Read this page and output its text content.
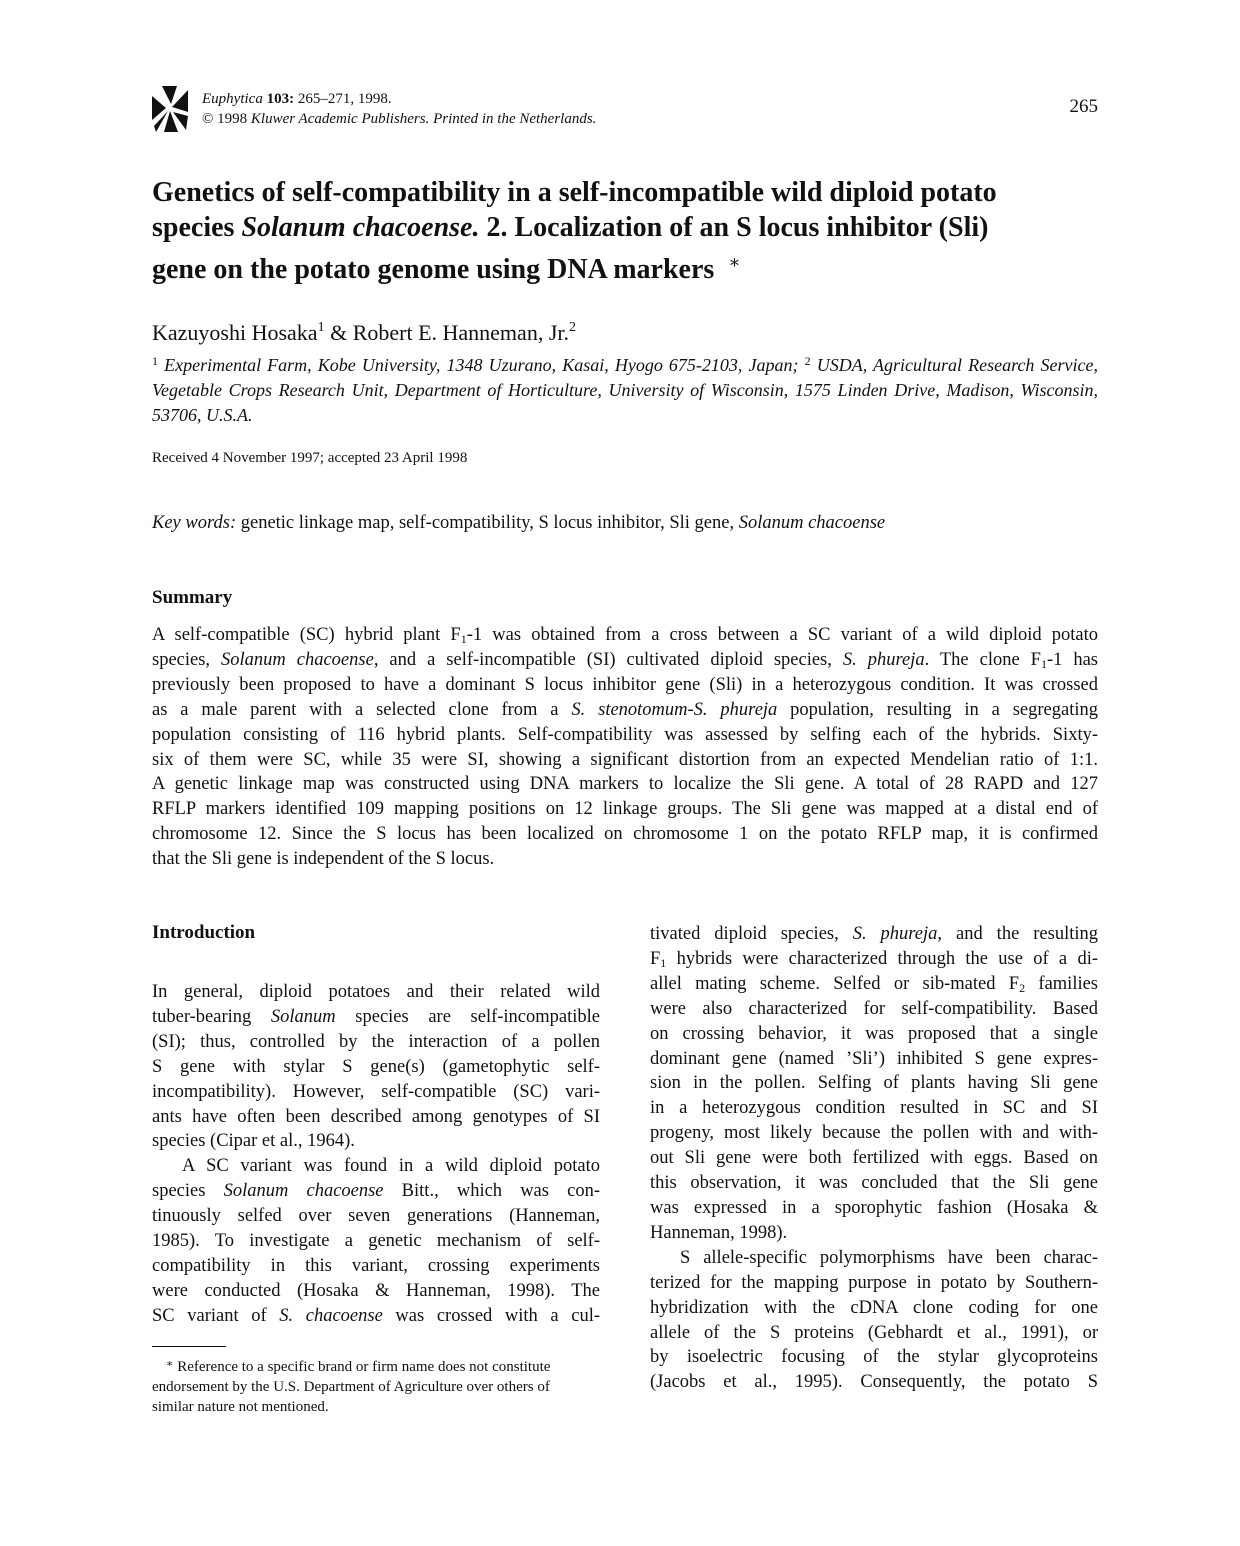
Euphytica 103: 265–271, 1998.
© 1998 Kluwer Academic Publishers. Printed in the Netherlands.
265
Genetics of self-compatibility in a self-incompatible wild diploid potato
species Solanum chacoense. 2. Localization of an S locus inhibitor (Sli)
gene on the potato genome using DNA markers ∗
Kazuyoshi Hosaka$^1$ & Robert E. Hanneman, Jr.$^2$
$^1$ Experimental Farm, Kobe University, 1348 Uzurano, Kasai, Hyogo 675-2103, Japan; $^2$ USDA, Agricultural Research Service, Vegetable Crops Research Unit, Department of Horticulture, University of Wisconsin, 1575 Linden Drive, Madison, Wisconsin, 53706, U.S.A.
Received 4 November 1997; accepted 23 April 1998
Key words: genetic linkage map, self-compatibility, S locus inhibitor, Sli gene, Solanum chacoense
Summary
A self-compatible (SC) hybrid plant $F_1-1$ was obtained from a cross between a SC variant of a wild diploid potato
species, Solanum chacoense, and a self-incompatible (SI) cultivated diploid species, S. phureja. The clone $F_1-1$ has
previously been proposed to have a dominant S locus inhibitor gene (Sli) in a heterozygous condition. It was crossed
as a male parent with a selected clone from a S. stenotomum-S. phureja population, resulting in a segregating
population consisting of 116 hybrid plants. Self-compatibility was assessed by selfing each of the hybrids. Sixty-
six of them were SC, while 35 were SI, showing a significant distortion from an expected Mendelian ratio of 1:1.
A genetic linkage map was constructed using DNA markers to localize the Sli gene. A total of 28 RAPD and 127
RFLP markers identified 109 mapping positions on 12 linkage groups. The Sli gene was mapped at a distal end of
chromosome 12. Since the S locus has been localized on chromosome 1 on the potato RFLP map, it is confirmed
that the Sli gene is independent of the S locus.
Introduction
In general, diploid potatoes and their related wild
tuber-bearing Solanum species are self-incompatible
(SI); thus, controlled by the interaction of a pollen
S gene with stylar S gene(s) (gametophytic self-
incompatibility). However, self-compatible (SC) vari-
ants have often been described among genotypes of SI
species (Cipar et al., 1964).
A SC variant was found in a wild diploid potato
species Solanum chacoense Bitt., which was con-
tinuously selfed over seven generations (Hanneman,
1985). To investigate a genetic mechanism of self-
compatibility in this variant, crossing experiments
were conducted (Hosaka & Hanneman, 1998). The
SC variant of S. chacoense was crossed with a cul-
tivated diploid species, S. phureja, and the resulting
$F_1$ hybrids were characterized through the use of a di-
allel mating scheme. Selfed or sib-mated $F_2$ families
were also characterized for self-compatibility. Based
on crossing behavior, it was proposed that a single
dominant gene (named ’Sli’) inhibited S gene expres-
sion in the pollen. Selfing of plants having Sli gene
in a heterozygous condition resulted in SC and SI
progeny, most likely because the pollen with and with-
out Sli gene were both fertilized with eggs. Based on
this observation, it was concluded that the Sli gene
was expressed in a sporophytic fashion (Hosaka &
Hanneman, 1998).
S allele-specific polymorphisms have been charac-
terized for the mapping purpose in potato by Southern-
hybridization with the cDNA clone coding for one
allele of the S proteins (Gebhardt et al., 1991), or
by isoelectric focusing of the stylar glycoproteins
(Jacobs et al., 1995). Consequently, the potato S
∗ Reference to a specific brand or firm name does not constitute
endorsement by the U.S. Department of Agriculture over others of
similar nature not mentioned.
